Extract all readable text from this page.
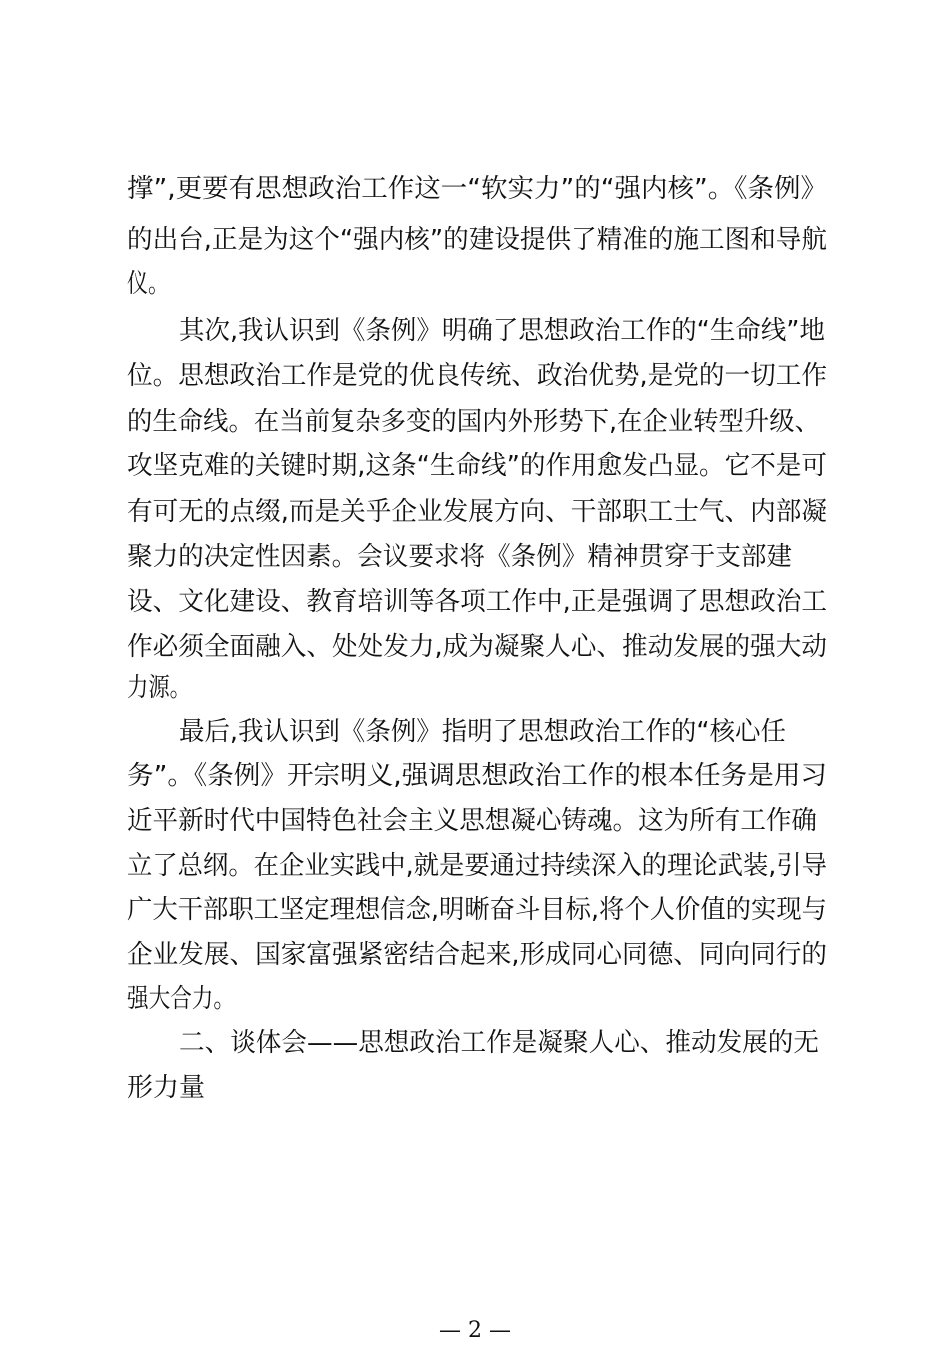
撑”,更要有思想政治工作这一“软实力”的“强内核”。《条例》
的出台,正是为这个“强内核”的建设提供了精准的施工图和导航
仪。
其次,我认识到《条例》明确了思想政治工作的“生命线”地
位。思想政治工作是党的优良传统、政治优势,是党的一切工作
的生命线。在当前复杂多变的国内外形势下,在企业转型升级、
攻坚克难的关键时期,这条“生命线”的作用愈发凸显。它不是可
有可无的点缀,而是关乎企业发展方向、干部职工士气、内部凝
聚力的决定性因素。会议要求将《条例》精神贯穿于支部建
设、文化建设、教育培训等各项工作中,正是强调了思想政治工
作必须全面融入、处处发力,成为凝聚人心、推动发展的强大动
力源。
最后,我认识到《条例》指明了思想政治工作的“核心任
务”。《条例》开宗明义,强调思想政治工作的根本任务是用习
近平新时代中国特色社会主义思想凝心铸魂。这为所有工作确
立了总纲。在企业实践中,就是要通过持续深入的理论武装,引导
广大干部职工坚定理想信念,明晰奋斗目标,将个人价值的实现与
企业发展、国家富强紧密结合起来,形成同心同德、同向同行的
强大合力。
二、谈体会——思想政治工作是凝聚人心、推动发展的无
形力量
— 2 —
